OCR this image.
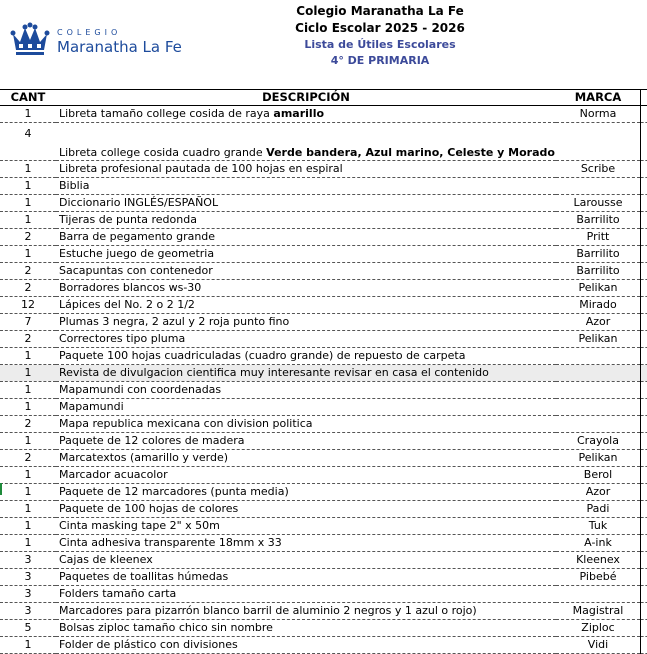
COLEGIO
Maranatha La Fe
Colegio Maranatha La Fe
Ciclo Escolar 2025 - 2026
Lista de Útiles Escolares
4° DE PRIMARIA
CANT	DESCRIPCIÓN	MARCA	
1	Libreta tamaño college cosida de raya amarillo	Norma	
4	Libreta college cosida cuadro grande Verde bandera, Azul marino, Celeste y Morado		
1	Libreta profesional pautada de 100 hojas en espiral	Scribe	
1	Biblia		
1	Diccionario INGLÉS/ESPAÑOL	Larousse	
1	Tijeras de punta redonda	Barrilito	
2	Barra de pegamento grande	Pritt	
1	Estuche juego de geometria	Barrilito	
2	Sacapuntas con contenedor	Barrilito	
2	Borradores blancos ws-30	Pelikan	
12	Lápices del No. 2 o 2 1/2	Mirado	
7	Plumas 3 negra, 2 azul y 2 roja punto fino	Azor	
2	Correctores tipo pluma	Pelikan	
1	Paquete 100 hojas cuadriculadas (cuadro grande) de repuesto de carpeta		
1	Revista de divulgacion cientifica muy interesante revisar en casa el contenido		
1	Mapamundi con coordenadas		
1	Mapamundi		
2	Mapa republica mexicana con division politica		
1	Paquete de 12 colores de madera	Crayola	
2	Marcatextos (amarillo y verde)	Pelikan	
1	Marcador acuacolor	Berol	
1	Paquete de 12 marcadores (punta media)	Azor	
1	Paquete de 100 hojas de colores	Padi	
1	Cinta masking tape 2" x 50m	Tuk	
1	Cinta adhesiva transparente 18mm x 33	A-ink	
3	Cajas de kleenex	Kleenex	
3	Paquetes de toallitas húmedas	Pibebé	
3	Folders tamaño carta		
3	Marcadores para pizarrón blanco barril de aluminio 2 negros y 1 azul o rojo)	Magistral	
5	Bolsas ziploc tamaño chico sin nombre	Ziploc	
1	Folder de plástico con divisiones	Vidi	
